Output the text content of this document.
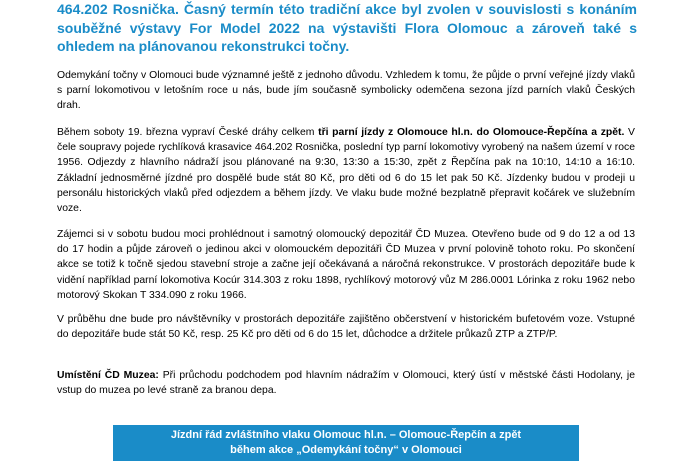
464.202 Rosnička. Časný termín této tradiční akce byl zvolen v souvislosti s konáním souběžné výstavy For Model 2022 na výstavišti Flora Olomouc a zároveň také s ohledem na plánovanou rekonstrukci točny.

Odemykání točny v Olomouci bude významné ještě z jednoho důvodu. Vzhledem k tomu, že půjde o první veřejné jízdy vlaků s parní lokomotivou v letošním roce u nás, bude jím současně symbolicky odemčena sezona jízd parních vlaků Českých drah.

Během soboty 19. března vypraví České dráhy celkem tři parní jízdy z Olomouce hl.n. do Olomouce-Řepčína a zpět. V čele soupravy pojede rychlíková krasavice 464.202 Rosnička, poslední typ parní lokomotivy vyrobený na našem území v roce 1956. Odjezdy z hlavního nádraží jsou plánované na 9:30, 13:30 a 15:30, zpět z Řepčína pak na 10:10, 14:10 a 16:10. Základní jednosměrné jízdné pro dospělé bude stát 80 Kč, pro děti od 6 do 15 let pak 50 Kč. Jízdenky budou v prodeji u personálu historických vlaků před odjezdem a během jízdy. Ve vlaku bude možné bezplatně přepravit kočárek ve služebním voze.

Zájemci si v sobotu budou moci prohlédnout i samotný olomoucký depozitář ČD Muzea. Otevřeno bude od 9 do 12 a od 13 do 17 hodin a půjde zároveň o jedinou akci v olomouckém depozitáři ČD Muzea v první polovině tohoto roku. Po skončení akce se totiž k točně sjedou stavební stroje a začne její očekávaná a náročná rekonstrukce. V prostorách depozitáře bude k vidění například parní lokomotiva Kocúr 314.303 z roku 1898, rychlíkový motorový vůz M 286.0001 Lórinka z roku 1962 nebo motorový Skokan T 334.090 z roku 1966.

V průběhu dne bude pro návštěvníky v prostorách depozitáře zajištěno občerstvení v historickém bufetovém voze. Vstupné do depozitáře bude stát 50 Kč, resp. 25 Kč pro děti od 6 do 15 let, důchodce a držitele průkazů ZTP a ZTP/P.

Umístění ČD Muzea: Při průchodu podchodem pod hlavním nádražím v Olomouci, který ústí v městské části Hodolany, je vstup do muzea po levé straně za branou depa.

Jízdní řád zvláštního vlaku Olomouc hl.n. – Olomouc-Řepčín a zpět
během akce „Odemykání točny“ v Olomouci
